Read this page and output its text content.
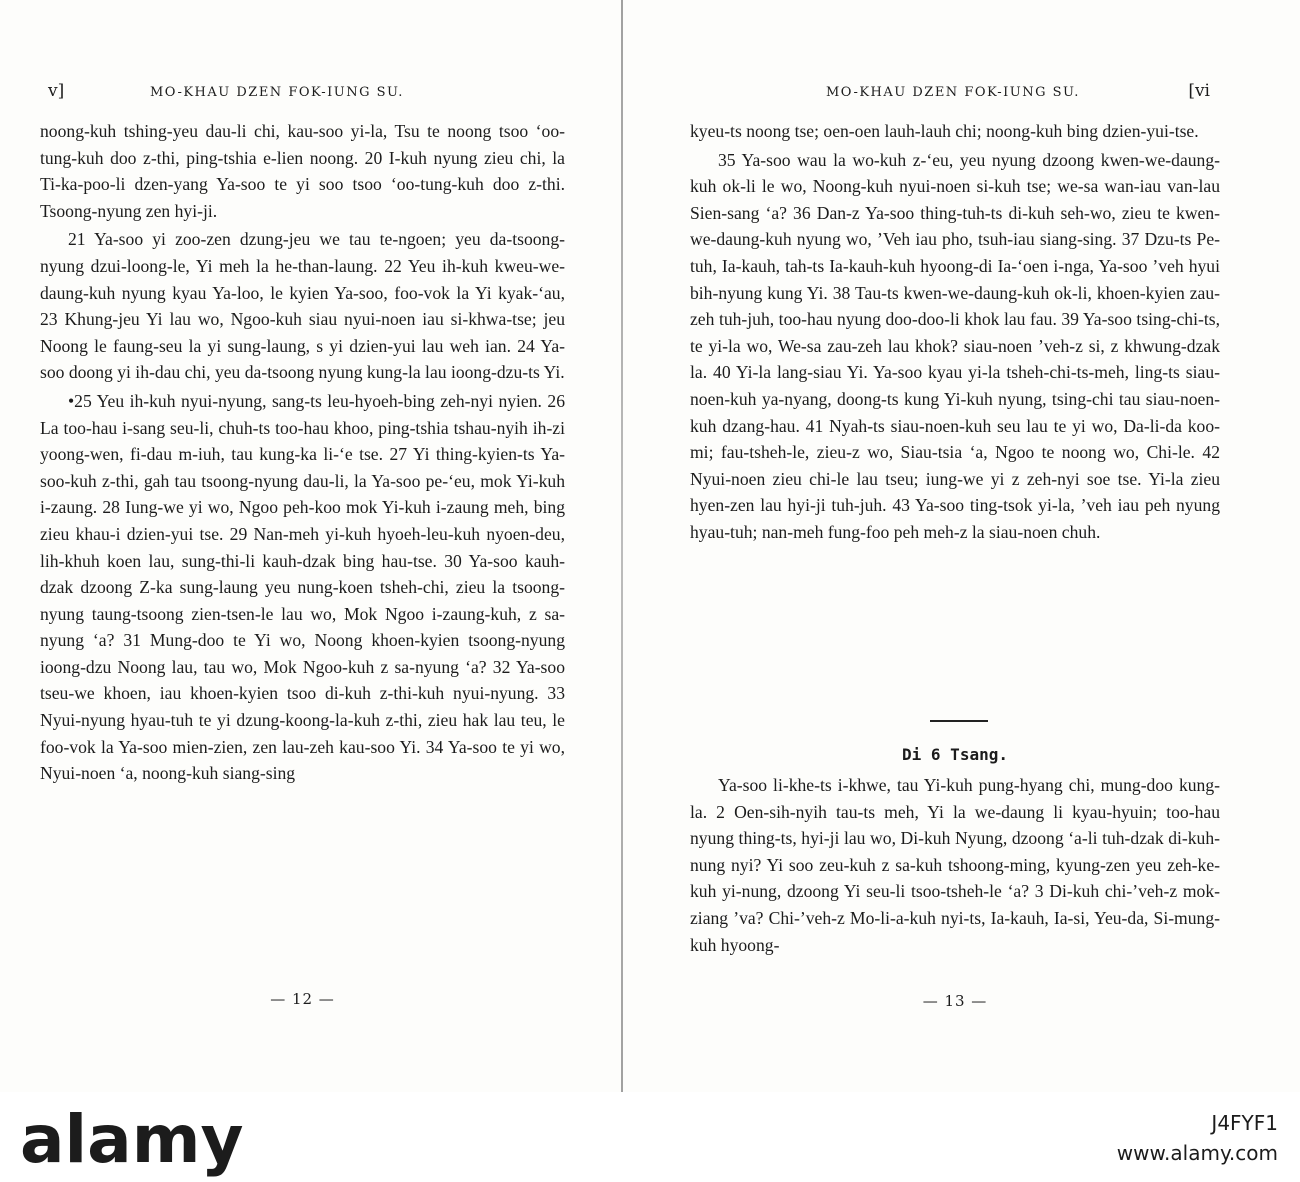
v]	MO-KHAU DZEN FOK-IUNG SU.

noong-kuh tshing-yeu dau-li chi, kau-soo yi-la, Tsu te noong tsoo ‘oo-tung-kuh doo z-thi, ping-tshia e-lien noong. 20 I-kuh nyung zieu chi, la Ti-ka-poo-li dzen-yang Ya-soo te yi soo tsoo ‘oo-tung-kuh doo z-thi. Tsoong-nyung zen hyi-ji.

21 Ya-soo yi zoo-zen dzung-jeu we tau te-ngoen; yeu da-tsoong-nyung dzui-loong-le, Yi meh la he-than-laung. 22 Yeu ih-kuh kweu-we-daung-kuh nyung kyau Ya-loo, le kyien Ya-soo, foo-vok la Yi kyak-‘au, 23 Khung-jeu Yi lau wo, Ngoo-kuh siau nyui-noen iau si-khwa-tse; jeu Noong le faung-seu la yi sung-laung, s yi dzien-yui lau weh ian. 24 Ya-soo doong yi ih-dau chi, yeu da-tsoong nyung kung-la lau ioong-dzu-ts Yi.

•25 Yeu ih-kuh nyui-nyung, sang-ts leu-hyoeh-bing zeh-nyi nyien. 26 La too-hau i-sang seu-li, chuh-ts too-hau khoo, ping-tshia tshau-nyih ih-zi yoong-wen, fi-dau m-iuh, tau kung-ka li-‘e tse. 27 Yi thing-kyien-ts Ya-soo-kuh z-thi, gah tau tsoong-nyung dau-li, la Ya-soo pe-‘eu, mok Yi-kuh i-zaung. 28 Iung-we yi wo, Ngoo peh-koo mok Yi-kuh i-zaung meh, bing zieu khau-i dzien-yui tse. 29 Nan-meh yi-kuh hyoeh-leu-kuh nyoen-deu, lih-khuh koen lau, sung-thi-li kauh-dzak bing hau-tse. 30 Ya-soo kauh-dzak dzoong Z-ka sung-laung yeu nung-koen tsheh-chi, zieu la tsoong-nyung taung-tsoong zien-tsen-le lau wo, Mok Ngoo i-zaung-kuh, z sa-nyung ‘a? 31 Mung-doo te Yi wo, Noong khoen-kyien tsoong-nyung ioong-dzu Noong lau, tau wo, Mok Ngoo-kuh z sa-nyung ‘a? 32 Ya-soo tseu-we khoen, iau khoen-kyien tsoo di-kuh z-thi-kuh nyui-nyung. 33 Nyui-nyung hyau-tuh te yi dzung-koong-la-kuh z-thi, zieu hak lau teu, le foo-vok la Ya-soo mien-zien, zen lau-zeh kau-soo Yi. 34 Ya-soo te yi wo, Nyui-noen ‘a, noong-kuh siang-sing

— 12 —
MO-KHAU DZEN FOK-IUNG SU.	[vi

kyeu-ts noong tse; oen-oen lauh-lauh chi; noong-kuh bing dzien-yui-tse.

35 Ya-soo wau la wo-kuh z-‘eu, yeu nyung dzoong kwen-we-daung-kuh ok-li le wo, Noong-kuh nyui-noen si-kuh tse; we-sa wan-iau van-lau Sien-sang ‘a? 36 Dan-z Ya-soo thing-tuh-ts di-kuh seh-wo, zieu te kwen-we-daung-kuh nyung wo, ’Veh iau pho, tsuh-iau siang-sing. 37 Dzu-ts Pe-tuh, Ia-kauh, tah-ts Ia-kauh-kuh hyoong-di Ia-‘oen i-nga, Ya-soo ’veh hyui bih-nyung kung Yi. 38 Tau-ts kwen-we-daung-kuh ok-li, khoen-kyien zau-zeh tuh-juh, too-hau nyung doo-doo-li khok lau fau. 39 Ya-soo tsing-chi-ts, te yi-la wo, We-sa zau-zeh lau khok? siau-noen ’veh-z si, z khwung-dzak la. 40 Yi-la lang-siau Yi. Ya-soo kyau yi-la tsheh-chi-ts-meh, ling-ts siau-noen-kuh ya-nyang, doong-ts kung Yi-kuh nyung, tsing-chi tau siau-noen-kuh dzang-hau. 41 Nyah-ts siau-noen-kuh seu lau te yi wo, Da-li-da koo-mi; fau-tsheh-le, zieu-z wo, Siau-tsia ‘a, Ngoo te noong wo, Chi-le. 42 Nyui-noen zieu chi-le lau tseu; iung-we yi z zeh-nyi soe tse. Yi-la zieu hyen-zen lau hyi-ji tuh-juh. 43 Ya-soo ting-tsok yi-la, ’veh iau peh nyung hyau-tuh; nan-meh fung-foo peh meh-z la siau-noen chuh.

Di 6 Tsang.

Ya-soo li-khe-ts i-khwe, tau Yi-kuh pung-hyang chi, mung-doo kung-la. 2 Oen-sih-nyih tau-ts meh, Yi la we-daung li kyau-hyuin; too-hau nyung thing-ts, hyi-ji lau wo, Di-kuh Nyung, dzoong ‘a-li tuh-dzak di-kuh-nung nyi? Yi soo zeu-kuh z sa-kuh tshoong-ming, kyung-zen yeu zeh-ke-kuh yi-nung, dzoong Yi seu-li tsoo-tsheh-le ‘a? 3 Di-kuh chi-’veh-z mok-ziang ’va? Chi-’veh-z Mo-li-a-kuh nyi-ts, Ia-kauh, Ia-si, Yeu-da, Si-mung-kuh hyoong-

— 13 —
alamy	J4FYF1
www.alamy.com
